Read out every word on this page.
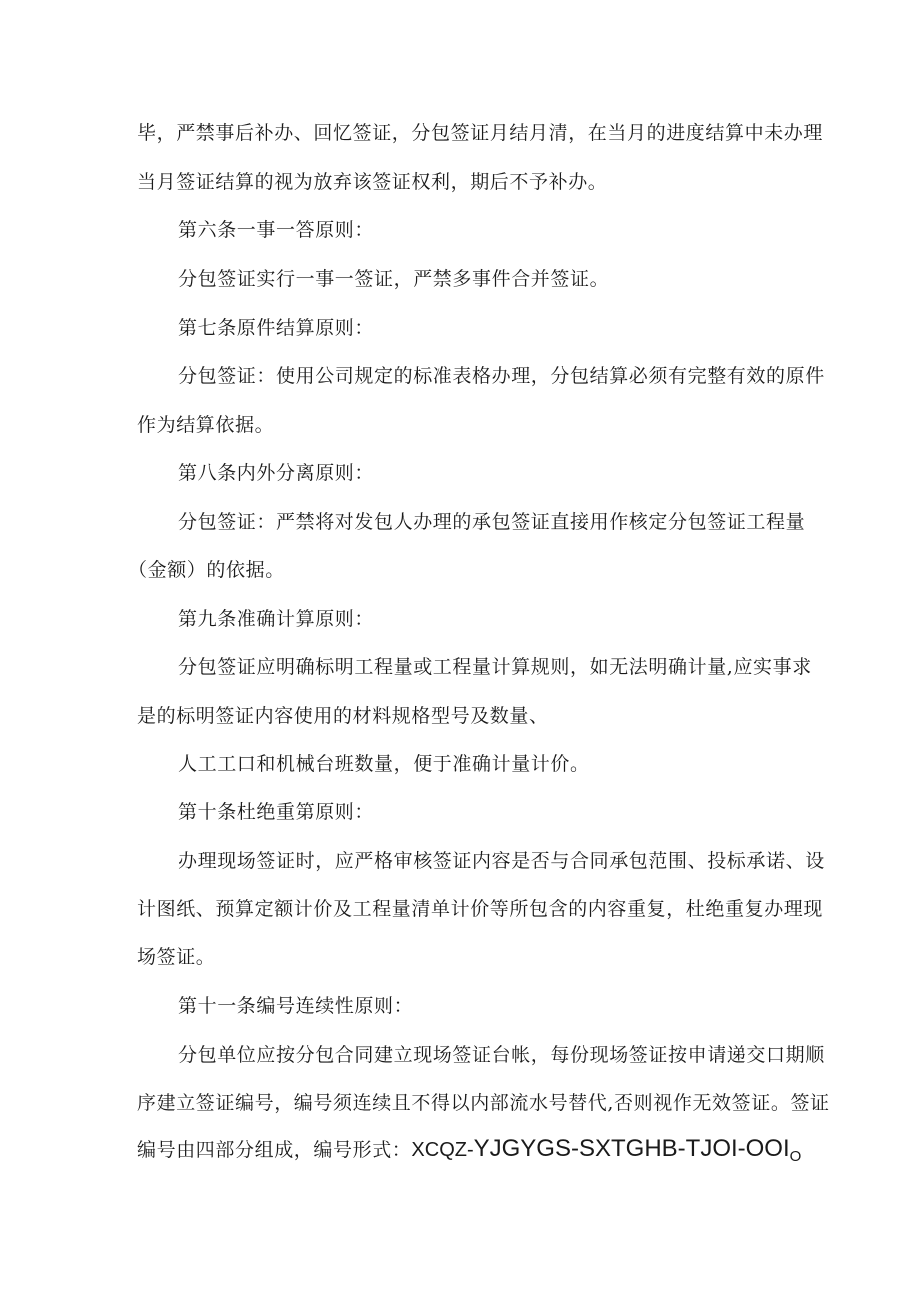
毕，严禁事后补办、回忆签证，分包签证月结月清，在当月的进度结算中未办理
当月签证结算的视为放弃该签证权利，期后不予补办。
第六条一事一答原则：
分包签证实行一事一签证，严禁多事件合并签证。
第七条原件结算原则：
分包签证：使用公司规定的标准表格办理，分包结算必须有完整有效的原件
作为结算依据。
第八条内外分离原则：
分包签证：严禁将对发包人办理的承包签证直接用作核定分包签证工程量
（金额）的依据。
第九条准确计算原则：
分包签证应明确标明工程量或工程量计算规则，如无法明确计量,应实事求
是的标明签证内容使用的材料规格型号及数量、
人工工口和机械台班数量，便于准确计量计价。
第十条杜绝重第原则：
办理现场签证时，应严格审核签证内容是否与合同承包范围、投标承诺、设
计图纸、预算定额计价及工程量清单计价等所包含的内容重复，杜绝重复办理现
场签证。
第十一条编号连续性原则：
分包单位应按分包合同建立现场签证台帐，每份现场签证按申请递交口期顺
序建立签证编号，编号须连续且不得以内部流水号替代,否则视作无效签证。签证
编号由四部分组成，编号形式：XCQZ-$YJGYGS-SXTGHB-TJOI-OOI_O$
